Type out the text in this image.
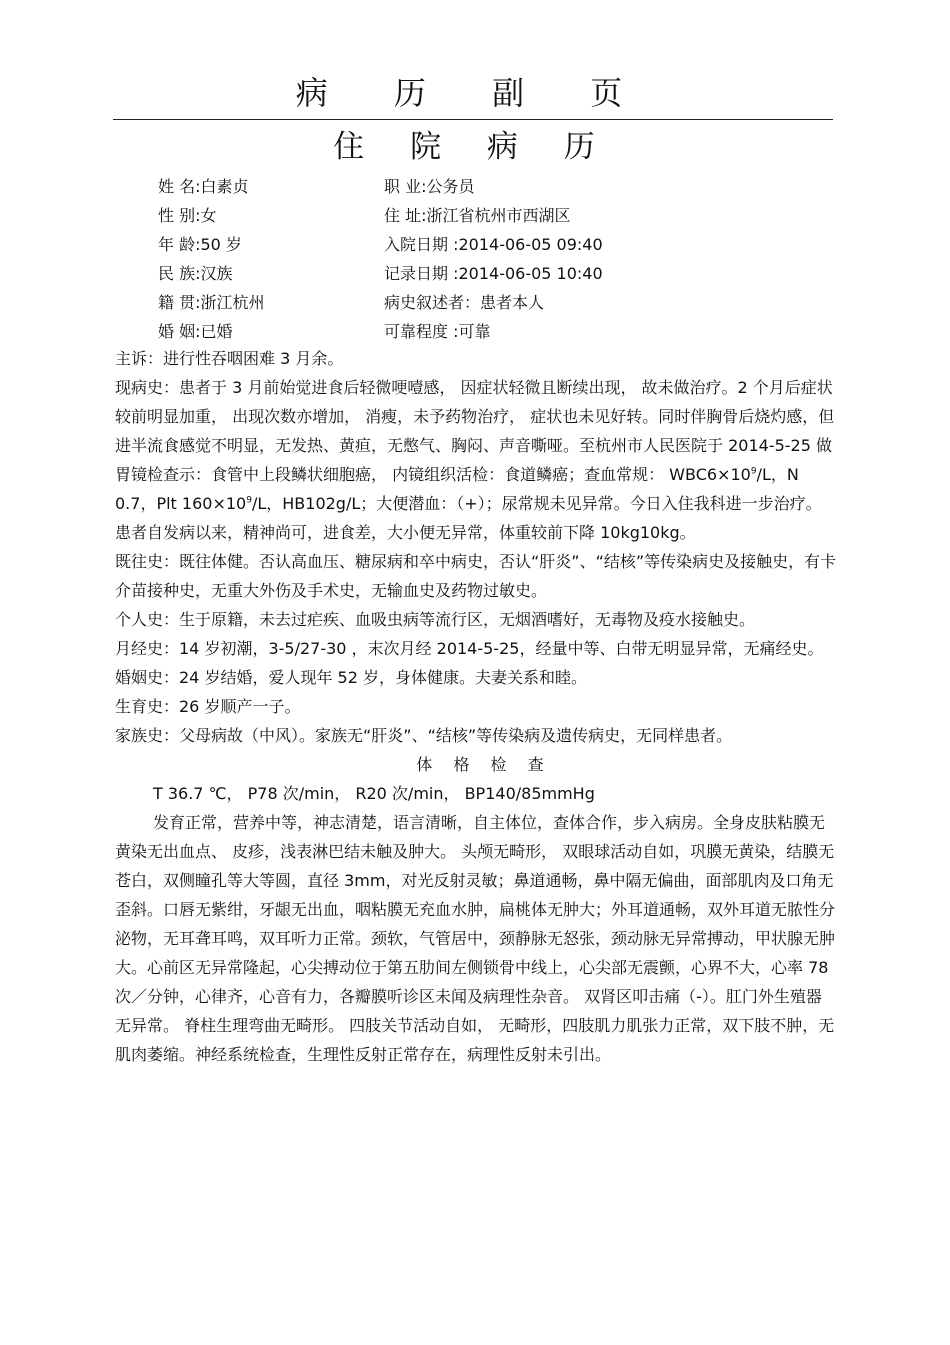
病 历 副 页
住 院 病 历
姓 名:白素贞	职 业:公务员
性 别:女	住 址:浙江省杭州市西湖区
年 龄:50 岁	入院日期 :2014-06-05 09:40
民 族:汉族	记录日期 :2014-06-05 10:40
籍 贯:浙江杭州	病史叙述者：患者本人
婚 姻:已婚	可靠程度 :可靠

主诉：进行性吞咽困难 3 月余。

现病史：患者于 3 月前始觉进食后轻微哽噎感， 因症状轻微且断续出现， 故未做治疗。2 个月后症状较前明显加重， 出现次数亦增加， 消瘦，未予药物治疗， 症状也未见好转。同时伴胸骨后烧灼感，但进半流食感觉不明显，无发热、黄疸，无憋气、胸闷、声音嘶哑。至杭州市人民医院于 2014-5-25 做胃镜检查示：食管中上段鳞状细胞癌， 内镜组织活检：食道鳞癌；查血常规： $WBC6\times 10^9/L$，N 0.7，Plt $160\times 10^9/L$，HB102g/L；大便潜血：（+）；尿常规未见异常。今日入住我科进一步治疗。患者自发病以来，精神尚可，进食差，大小便无异常，体重较前下降 10kg10kg。

既往史：既往体健。否认高血压、糖尿病和卒中病史，否认“肝炎”、“结核”等传染病史及接触史，有卡介苗接种史，无重大外伤及手术史，无输血史及药物过敏史。

个人史：生于原籍，未去过疟疾、血吸虫病等流行区，无烟酒嗜好，无毒物及疫水接触史。

月经史：14 岁初潮，3-5/27-30 ，末次月经 2014-5-25，经量中等、白带无明显异常，无痛经史。

婚姻史：24 岁结婚，爱人现年 52 岁，身体健康。夫妻关系和睦。

生育史：26 岁顺产一子。

家族史：父母病故（中风）。家族无“肝炎”、“结核”等传染病及遗传病史，无同样患者。

体 格 检 查

T 36.7 ℃， P78 次/min， R20 次/min， BP140/85mmHg

发育正常，营养中等，神志清楚，语言清晰，自主体位，查体合作，步入病房。全身皮肤粘膜无黄染无出血点、 皮疹，浅表淋巴结未触及肿大。 头颅无畸形， 双眼球活动自如，巩膜无黄染，结膜无苍白，双侧瞳孔等大等圆，直径 3mm，对光反射灵敏；鼻道通畅，鼻中隔无偏曲，面部肌肉及口角无歪斜。口唇无紫绀，牙龈无出血，咽粘膜无充血水肿，扁桃体无肿大；外耳道通畅，双外耳道无脓性分泌物，无耳聋耳鸣，双耳听力正常。颈软，气管居中，颈静脉无怒张，颈动脉无异常搏动，甲状腺无肿大。心前区无异常隆起，心尖搏动位于第五肋间左侧锁骨中线上，心尖部无震颤，心界不大，心率 78 次／分钟，心律齐，心音有力，各瓣膜听诊区未闻及病理性杂音。 双肾区叩击痛（-）。肛门外生殖器无异常。 脊柱生理弯曲无畸形。 四肢关节活动自如， 无畸形，四肢肌力肌张力正常，双下肢不肿，无肌肉萎缩。神经系统检查，生理性反射正常存在，病理性反射未引出。
